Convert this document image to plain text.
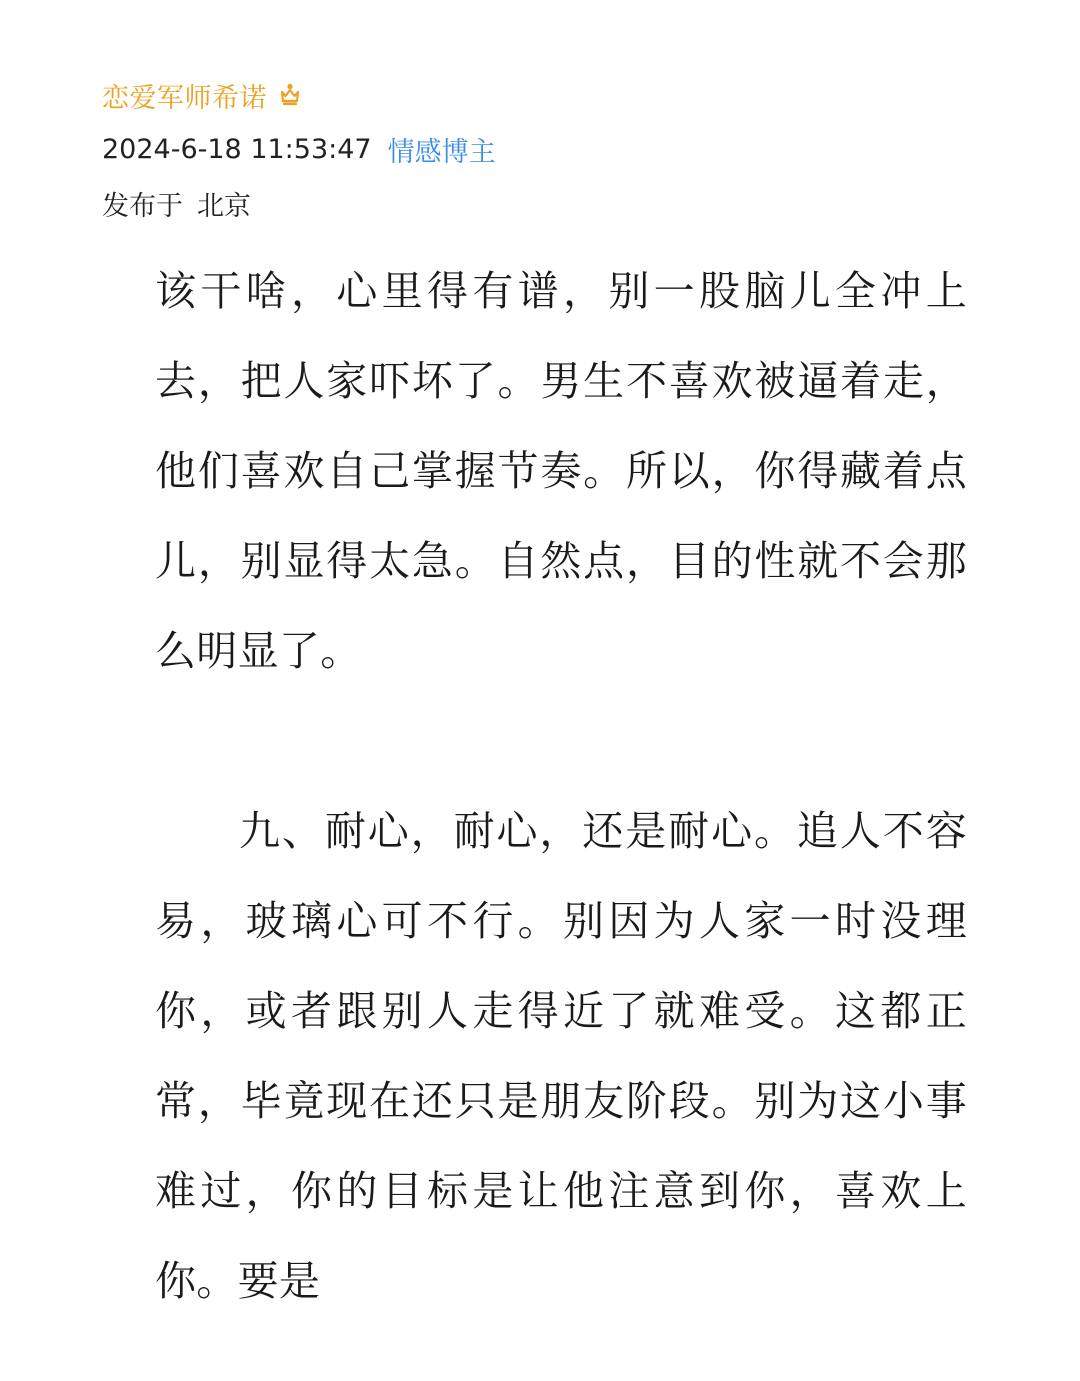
恋爱军师希诺
2024-6-18 11:53:47 情感博主
发布于 北京

该干啥，心里得有谱，别一股脑儿全冲上去，把人家吓坏了。男生不喜欢被逼着走，他们喜欢自己掌握节奏。所以，你得藏着点儿，别显得太急。自然点，目的性就不会那么明显了。

九、耐心，耐心，还是耐心。追人不容易，玻璃心可不行。别因为人家一时没理你，或者跟别人走得近了就难受。这都正常，毕竟现在还只是朋友阶段。别为这小事难过，你的目标是让他注意到你，喜欢上你。要是
